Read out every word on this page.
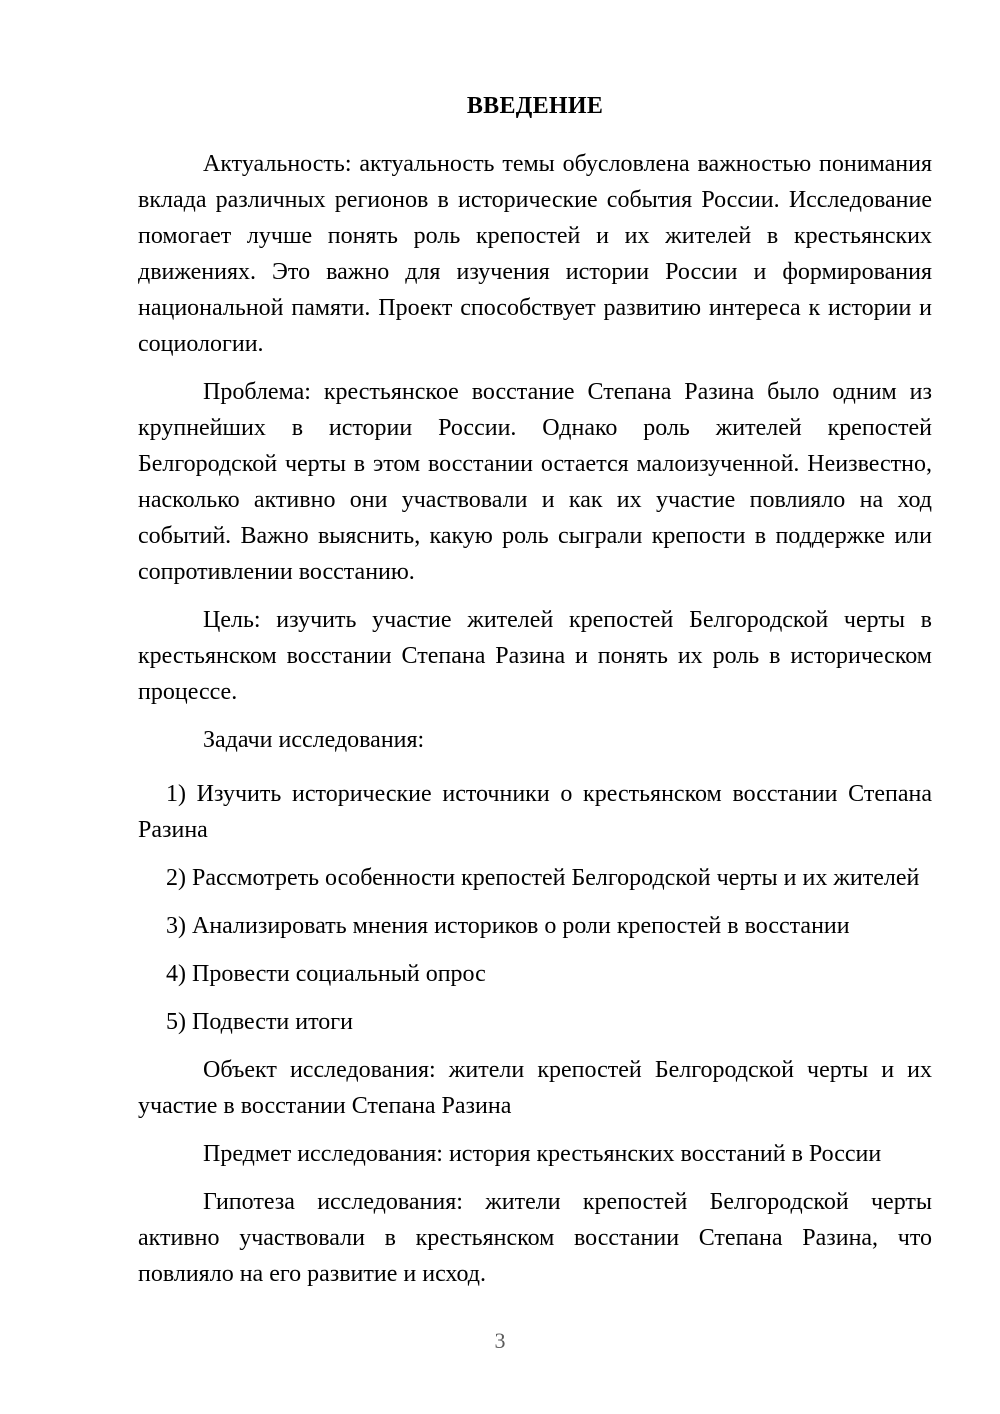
ВВЕДЕНИЕ

Актуальность: актуальность темы обусловлена важностью понимания вклада различных регионов в исторические события России. Исследование помогает лучше понять роль крепостей и их жителей в крестьянских движениях. Это важно для изучения истории России и формирования национальной памяти. Проект способствует развитию интереса к истории и социологии.

Проблема: крестьянское восстание Степана Разина было одним из крупнейших в истории России. Однако роль жителей крепостей Белгородской черты в этом восстании остается малоизученной. Неизвестно, насколько активно они участвовали и как их участие повлияло на ход событий. Важно выяснить, какую роль сыграли крепости в поддержке или сопротивлении восстанию.

Цель: изучить участие жителей крепостей Белгородской черты в крестьянском восстании Степана Разина и понять их роль в историческом процессе.

Задачи исследования:

1) Изучить исторические источники о крестьянском восстании Степана Разина

2) Рассмотреть особенности крепостей Белгородской черты и их жителей

3) Анализировать мнения историков о роли крепостей в восстании

4) Провести социальный опрос

5) Подвести итоги

Объект исследования: жители крепостей Белгородской черты и их участие в восстании Степана Разина

Предмет исследования: история крестьянских восстаний в России

Гипотеза исследования: жители крепостей Белгородской черты активно участвовали в крестьянском восстании Степана Разина, что повлияло на его развитие и исход.

3
